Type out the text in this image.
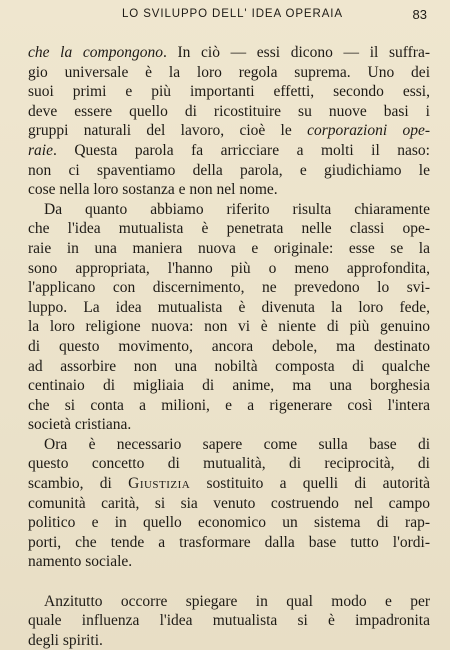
LO SVILUPPO DELL' IDEA OPERAIA	83
che la compongono. In ciò — essi dicono — il suffra-
gio universale è la loro regola suprema. Uno dei
suoi primi e più importanti effetti, secondo essi,
deve essere quello di ricostituire su nuove basi i
gruppi naturali del lavoro, cioè le corporazioni ope-
raie. Questa parola fa arricciare a molti il naso:
non ci spaventiamo della parola, e giudichiamo le
cose nella loro sostanza e non nel nome.
Da quanto abbiamo riferito risulta chiaramente
che l'idea mutualista è penetrata nelle classi ope-
raie in una maniera nuova e originale: esse se la
sono appropriata, l'hanno più o meno approfondita,
l'applicano con discernimento, ne prevedono lo svi-
luppo. La idea mutualista è divenuta la loro fede,
la loro religione nuova: non vi è niente di più genuino
di questo movimento, ancora debole, ma destinato
ad assorbire non una nobiltà composta di qualche
centinaio di migliaia di anime, ma una borghesia
che si conta a milioni, e a rigenerare così l'intera
società cristiana.
Ora è necessario sapere come sulla base di
questo concetto di mutualità, di reciprocità, di
scambio, di Giustizia sostituito a quelli di autorità
comunità carità, si sia venuto costruendo nel campo
politico e in quello economico un sistema di rap-
porti, che tende a trasformare dalla base tutto l'ordi-
namento sociale.
Anzitutto occorre spiegare in qual modo e per
quale influenza l'idea mutualista si è impadronita
degli spiriti.
